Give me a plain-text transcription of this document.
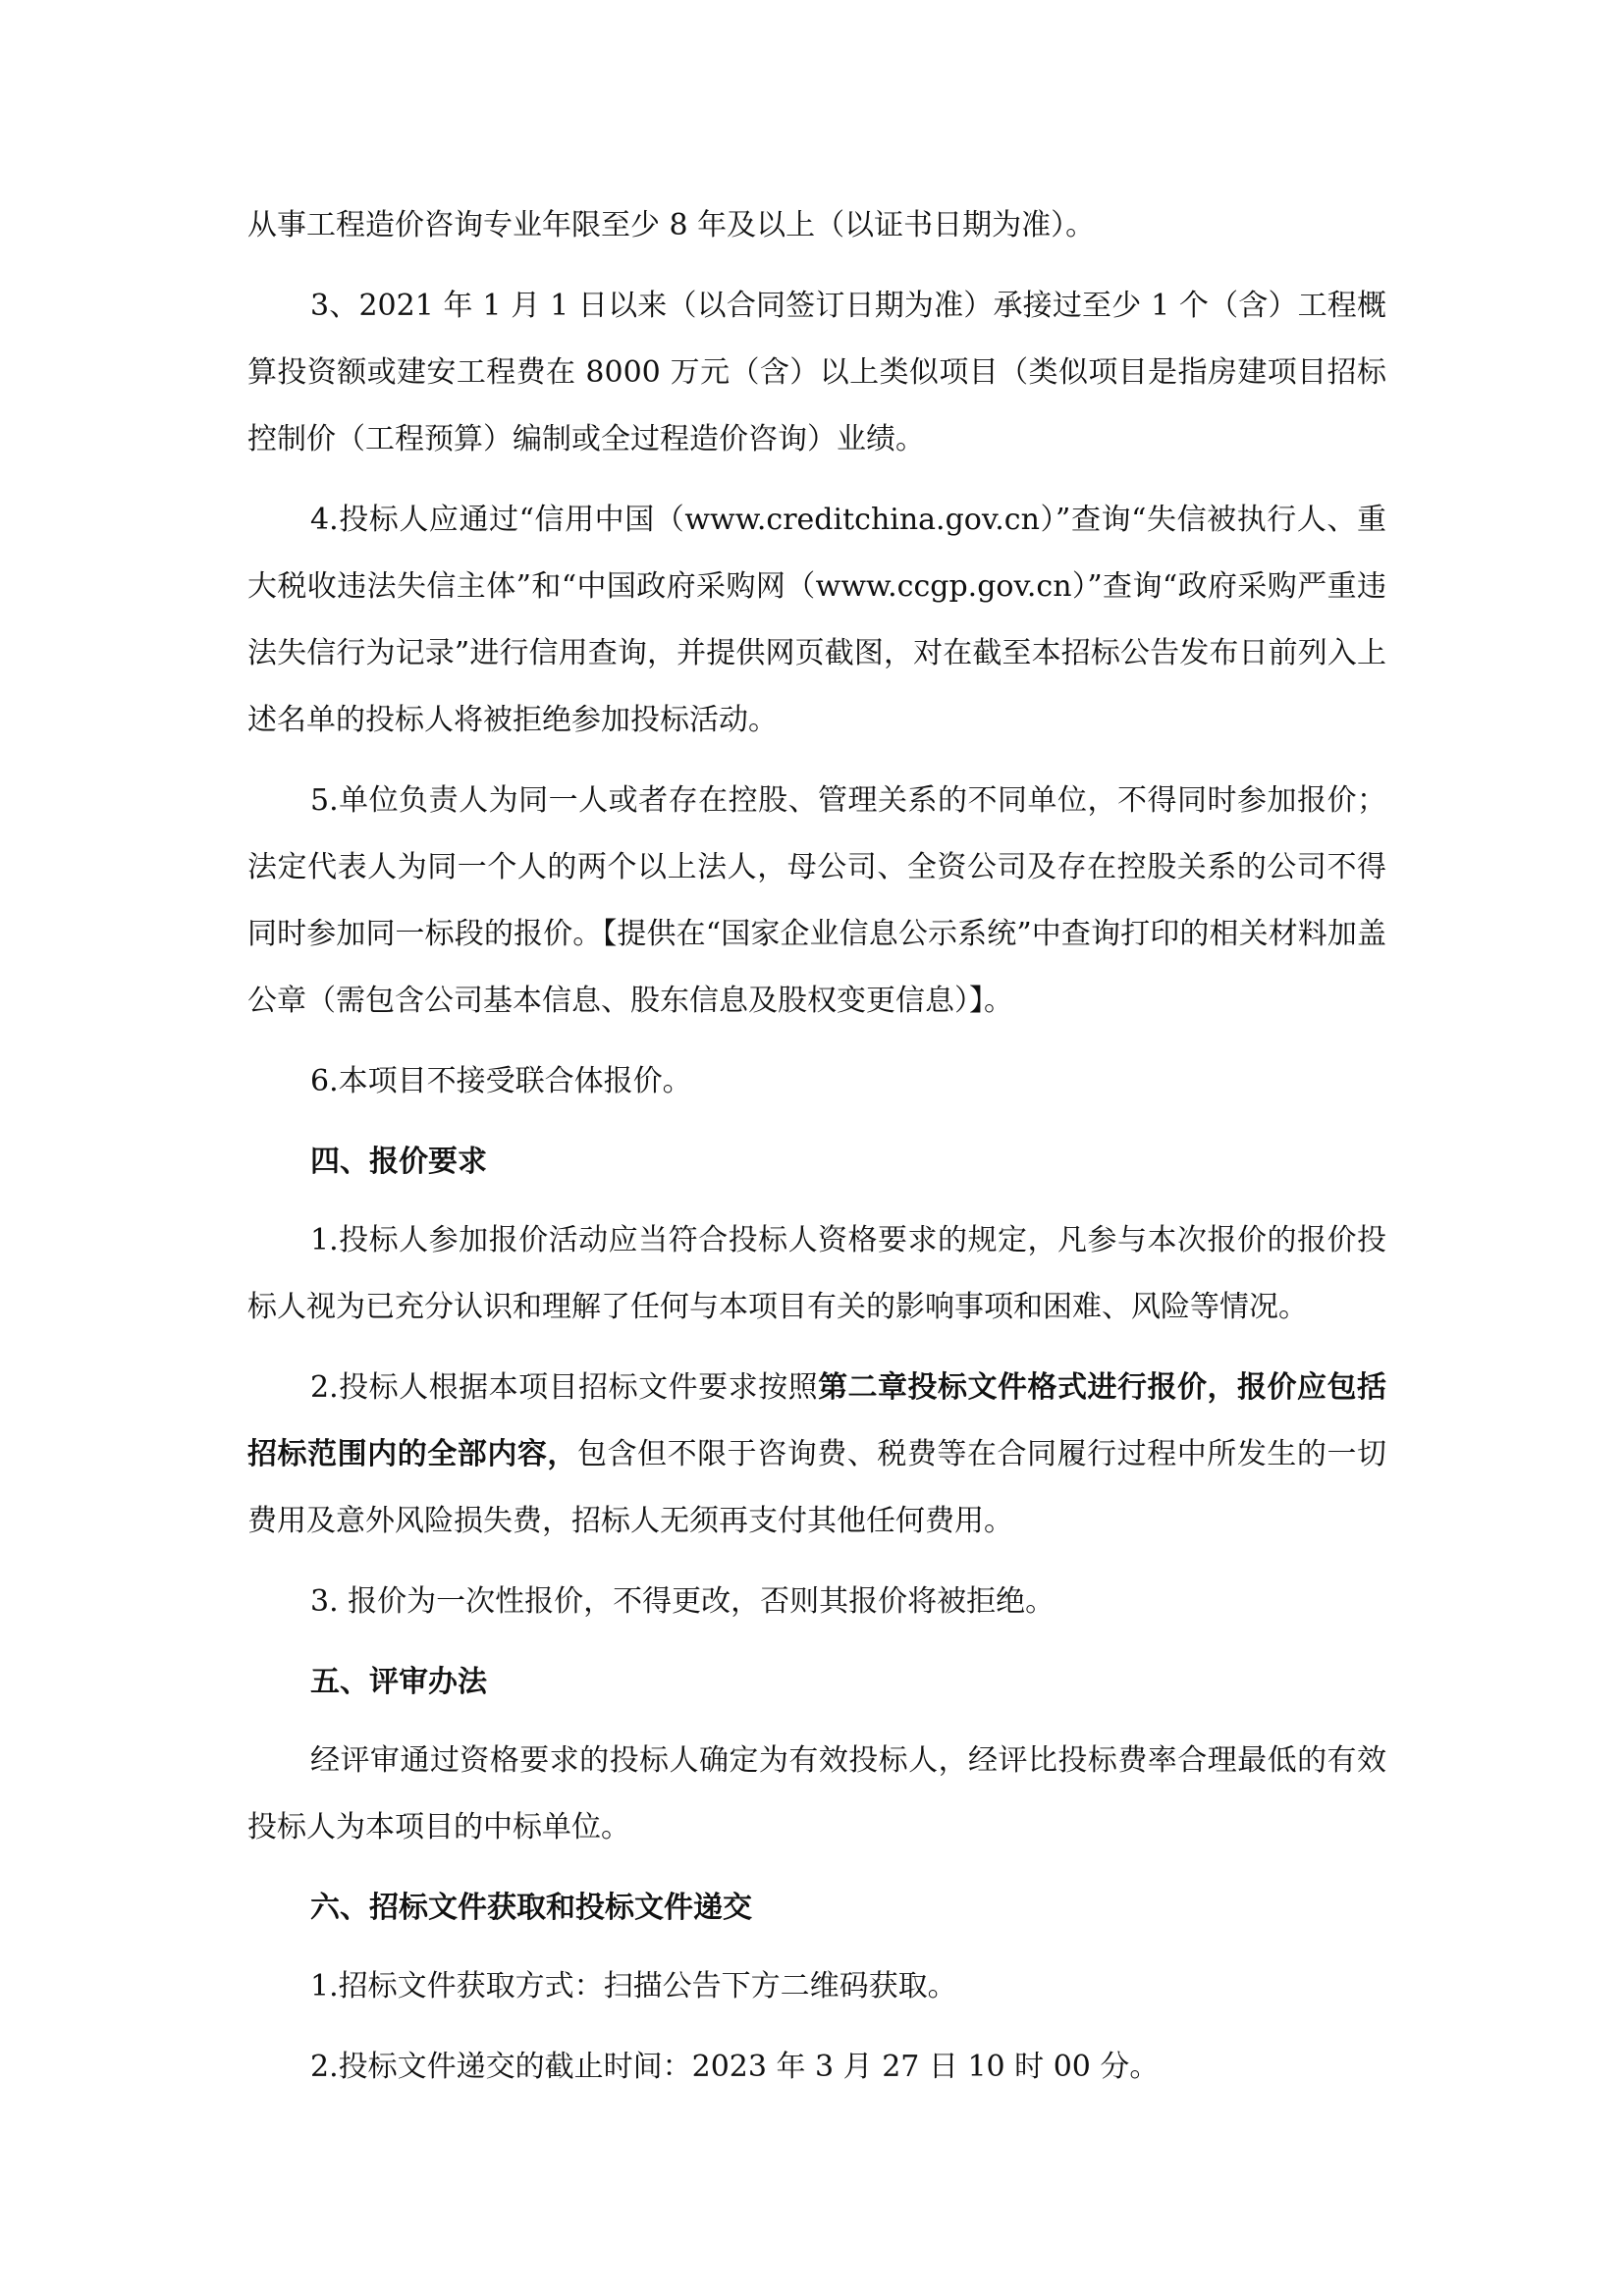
从事工程造价咨询专业年限至少 8 年及以上（以证书日期为准）。

3、2021 年 1 月 1 日以来（以合同签订日期为准）承接过至少 1 个（含）工程概算投资额或建安工程费在 8000 万元（含）以上类似项目（类似项目是指房建项目招标控制价（工程预算）编制或全过程造价咨询）业绩。

4.投标人应通过“信用中国（www.creditchina.gov.cn）”查询“失信被执行人、重大税收违法失信主体”和“中国政府采购网（www.ccgp.gov.cn）”查询“政府采购严重违法失信行为记录”进行信用查询，并提供网页截图，对在截至本招标公告发布日前列入上述名单的投标人将被拒绝参加投标活动。

5.单位负责人为同一人或者存在控股、管理关系的不同单位，不得同时参加报价；法定代表人为同一个人的两个以上法人，母公司、全资公司及存在控股关系的公司不得同时参加同一标段的报价。【提供在“国家企业信息公示系统”中查询打印的相关材料加盖公章（需包含公司基本信息、股东信息及股权变更信息）】。

6.本项目不接受联合体报价。

四、报价要求

1.投标人参加报价活动应当符合投标人资格要求的规定，凡参与本次报价的报价投标人视为已充分认识和理解了任何与本项目有关的影响事项和困难、风险等情况。

2.投标人根据本项目招标文件要求按照第二章投标文件格式进行报价，报价应包括招标范围内的全部内容，包含但不限于咨询费、税费等在合同履行过程中所发生的一切费用及意外风险损失费，招标人无须再支付其他任何费用。

3. 报价为一次性报价，不得更改，否则其报价将被拒绝。

五、评审办法

经评审通过资格要求的投标人确定为有效投标人，经评比投标费率合理最低的有效投标人为本项目的中标单位。

六、招标文件获取和投标文件递交

1.招标文件获取方式：扫描公告下方二维码获取。

2.投标文件递交的截止时间：2023 年 3 月 27 日 10 时 00 分。
